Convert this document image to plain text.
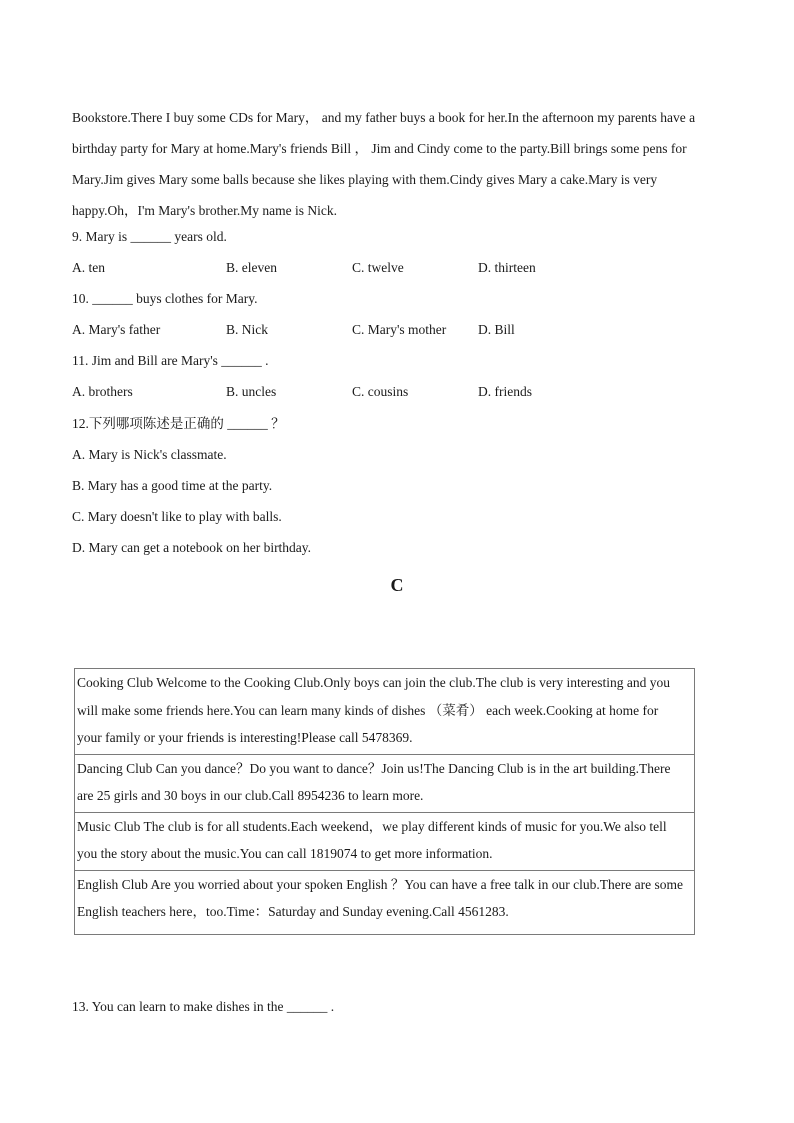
Bookstore.There I buy some CDs for Mary， and my father buys a book for her.In the afternoon my parents have a birthday party for Mary at home.Mary's friends Bill ， Jim and Cindy come to the party.Bill brings some pens for Mary.Jim gives Mary some balls because she likes playing with them.Cindy gives Mary a cake.Mary is very happy.Oh，I'm Mary's brother.My name is Nick.
9. Mary is ______ years old.
A. ten	B. eleven	C. twelve	D. thirteen
10. ______ buys clothes for Mary.
A. Mary's father	B. Nick	C. Mary's mother D. Bill
11. Jim and Bill are Mary's ______ .
A. brothers	B. uncles	C. cousins	D. friends
12.下列哪项陈述是正确的 ______ ？
A. Mary is Nick's classmate.
B. Mary has a good time at the party.
C. Mary doesn't like to play with balls.
D. Mary can get a notebook on her birthday.
C
Cooking Club Welcome to the Cooking Club.Only boys can join the club.The club is very interesting and you will make some friends here.You can learn many kinds of dishes （菜肴） each week.Cooking at home for your family or your friends is interesting!Please call 5478369.
Dancing Club Can you dance？Do you want to dance？Join us!The Dancing Club is in the art building.There are 25 girls and 30 boys in our club.Call 8954236 to learn more.
Music Club The club is for all students.Each weekend，we play different kinds of music for you.We also tell you the story about the music.You can call 1819074 to get more information.
English Club Are you worried about your spoken English ？You can have a free talk in our club.There are some English teachers here，too.Time：Saturday and Sunday evening.Call 4561283.
13. You can learn to make dishes in the ______ .
